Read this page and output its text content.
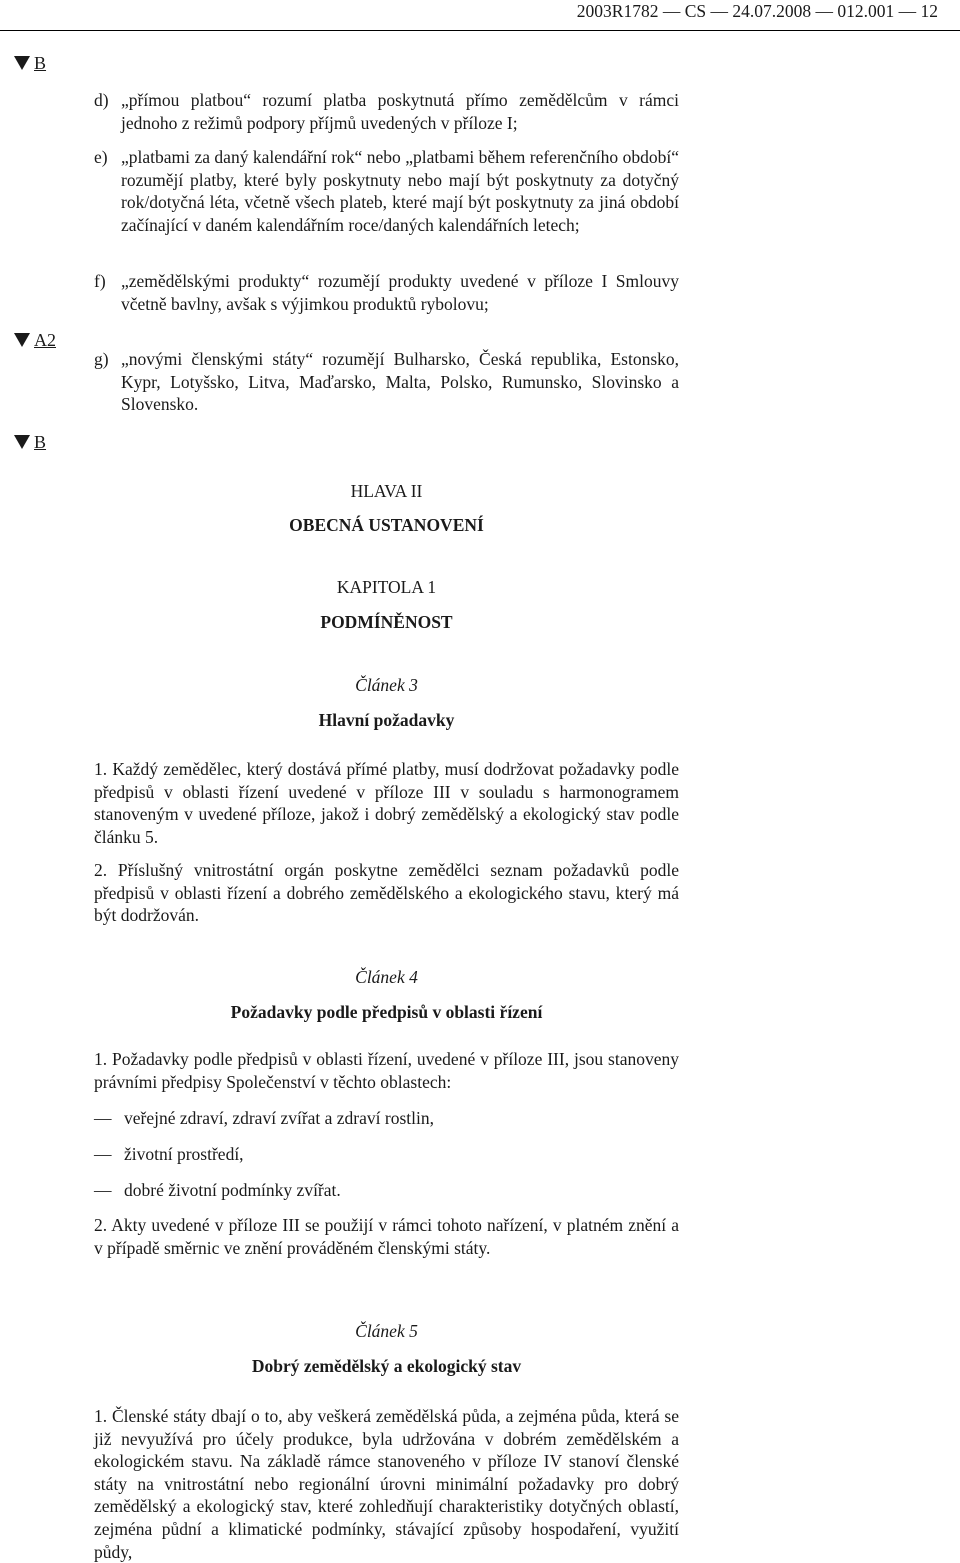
2003R1782 — CS — 24.07.2008 — 012.001 — 12
B
A2
B
d) „přímou platbou“ rozumí platba poskytnutá přímo zemědělcům v rámci jednoho z režimů podpory příjmů uvedených v příloze I;
e) „platbami za daný kalendářní rok“ nebo „platbami během referenčního období“ rozumějí platby, které byly poskytnuty nebo mají být poskytnuty za dotyčný rok/dotyčná léta, včetně všech plateb, které mají být poskytnuty za jiná období začínající v daném kalendářním roce/daných kalendářních letech;
f) „zemědělskými produkty“ rozumějí produkty uvedené v příloze I Smlouvy včetně bavlny, avšak s výjimkou produktů rybolovu;
g) „novými členskými státy“ rozumějí Bulharsko, Česká republika, Estonsko, Kypr, Lotyšsko, Litva, Maďarsko, Malta, Polsko, Rumunsko, Slovinsko a Slovensko.
HLAVA II
OBECNÁ USTANOVENÍ
KAPITOLA 1
PODMÍNĚNOST
Článek 3
Hlavní požadavky
1. Každý zemědělec, který dostává přímé platby, musí dodržovat požadavky podle předpisů v oblasti řízení uvedené v příloze III v souladu s harmonogramem stanoveným v uvedené příloze, jakož i dobrý zemědělský a ekologický stav podle článku 5.
2. Příslušný vnitrostátní orgán poskytne zemědělci seznam požadavků podle předpisů v oblasti řízení a dobrého zemědělského a ekologického stavu, který má být dodržován.
Článek 4
Požadavky podle předpisů v oblasti řízení
1. Požadavky podle předpisů v oblasti řízení, uvedené v příloze III, jsou stanoveny právními předpisy Společenství v těchto oblastech:
— veřejné zdraví, zdraví zvířat a zdraví rostlin,
— životní prostředí,
— dobré životní podmínky zvířat.
2. Akty uvedené v příloze III se použijí v rámci tohoto nařízení, v platném znění a v případě směrnic ve znění prováděném členskými státy.
Článek 5
Dobrý zemědělský a ekologický stav
1. Členské státy dbají o to, aby veškerá zemědělská půda, a zejména půda, která se již nevyužívá pro účely produkce, byla udržována v dobrém zemědělském a ekologickém stavu. Na základě rámce stanoveného v příloze IV stanoví členské státy na vnitrostátní nebo regionální úrovni minimální požadavky pro dobrý zemědělský a ekologický stav, které zohledňují charakteristiky dotyčných oblastí, zejména půdní a klimatické podmínky, stávající způsoby hospodaření, využití půdy,
